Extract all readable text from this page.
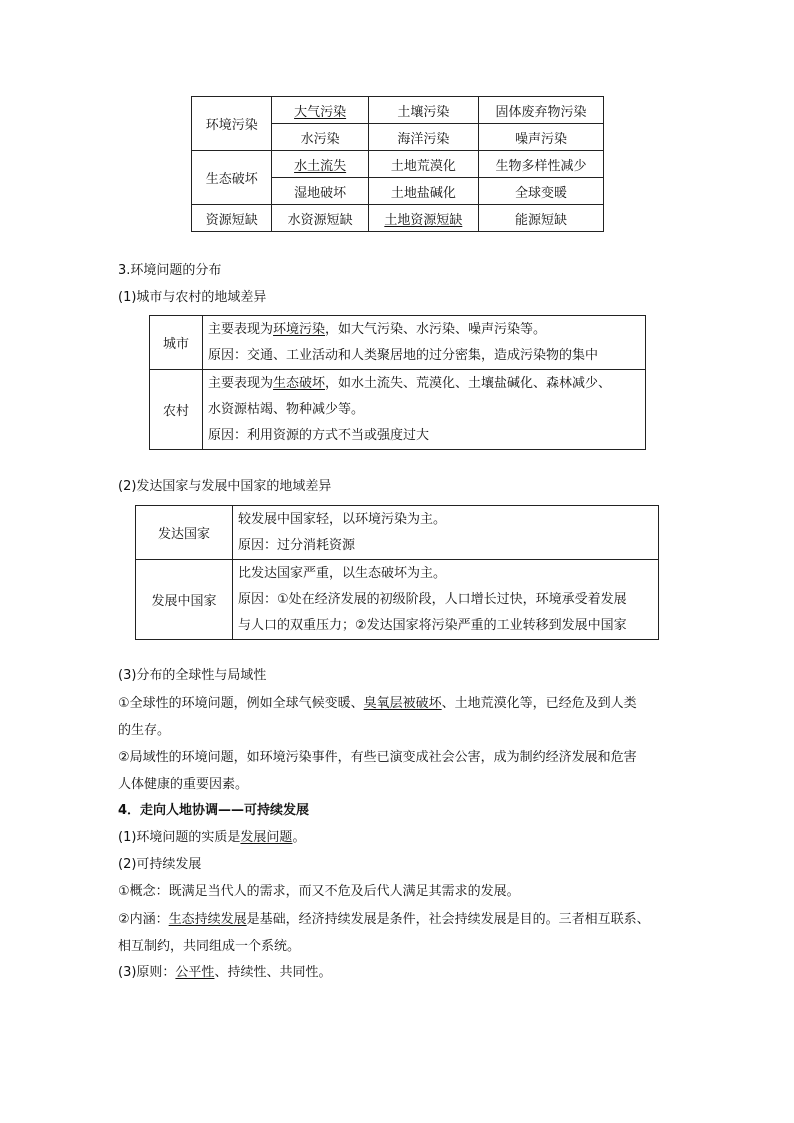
环境污染	大气污染	土壤污染	固体废弃物污染
	水污染	海洋污染	噪声污染
生态破坏	水土流失	土地荒漠化	生物多样性减少
	湿地破坏	土地盐碱化	全球变暖
资源短缺	水资源短缺	土地资源短缺	能源短缺
3.环境问题的分布
(1)城市与农村的地域差异
城市	主要表现为环境污染，如大气污染、水污染、噪声污染等。
原因：交通、工业活动和人类聚居地的过分密集，造成污染物的集中

农村	主要表现为生态破坏，如水土流失、荒漠化、土壤盐碱化、森林减少、
水资源枯竭、物种减少等。
原因：利用资源的方式不当或强度过大
(2)发达国家与发展中国家的地域差异
发达国家	较发展中国家轻，以环境污染为主。
原因：过分消耗资源

发展中国家	比发达国家严重，以生态破坏为主。
原因：①处在经济发展的初级阶段，人口增长过快，环境承受着发展
与人口的双重压力；②发达国家将污染严重的工业转移到发展中国家
(3)分布的全球性与局域性
①全球性的环境问题，例如全球气候变暖、臭氧层被破坏、土地荒漠化等，已经危及到人类
的生存。
②局域性的环境问题，如环境污染事件，有些已演变成社会公害，成为制约经济发展和危害
人体健康的重要因素。
4．走向人地协调——可持续发展
(1)环境问题的实质是发展问题。
(2)可持续发展
①概念：既满足当代人的需求，而又不危及后代人满足其需求的发展。
②内涵：生态持续发展是基础，经济持续发展是条件，社会持续发展是目的。三者相互联系、
相互制约，共同组成一个系统。
(3)原则：公平性、持续性、共同性。
